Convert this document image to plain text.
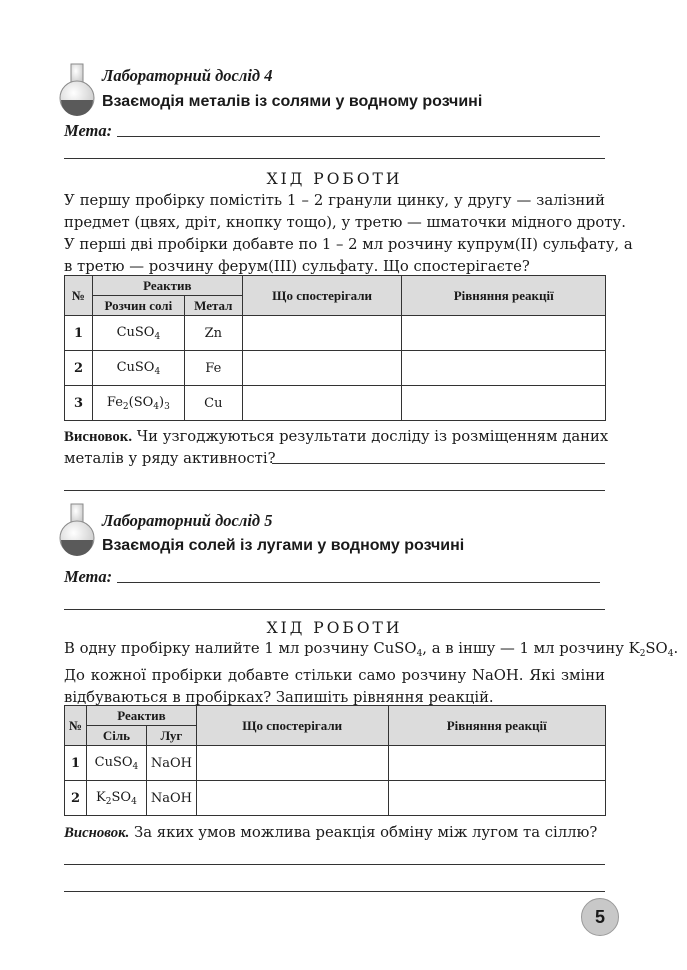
Лабораторний дослід 4
Взаємодія металів із солями у водному розчині
Мета:
ХІД РОБОТИ
У першу пробірку помістіть 1 – 2 гранули цинку, у другу — залізний
предмет (цвях, дріт, кнопку тощо), у третю — шматочки мідного дроту.
У перші дві пробірки добавте по 1 – 2 мл розчину купрум(ІІ) сульфату, а
в третю — розчину ферум(ІІІ) сульфату. Що спостерігаєте?
№	Реактив		Що спостерігали	Рівняння реакції
	Розчин солі	Метал		
1	CuSO$_4$	Zn		
2	CuSO$_4$	Fe		
3	$Fe_2(SO_4)_3$	Cu		
Висновок. Чи узгоджуються результати досліду із розміщенням даних
металів у ряду активності?
Лабораторний дослід 5
Взаємодія солей із лугами у водному розчині
Мета:
ХІД РОБОТИ
В одну пробірку налийте 1 мл розчину CuSO$_4$, а в іншу — 1 мл розчину $K_2SO_4$.
До кожної пробірки добавте стільки само розчину NaOH. Які зміни
відбуваються в пробірках? Запишіть рівняння реакцій.
№	Реактив		Що спостерігали	Рівняння реакції
	Сіль	Луг		
1	CuSO$_4$	NaOH		
2	$K_2SO_4$	NaOH		
Висновок. За яких умов можлива реакція обміну між лугом та сіллю?
5
